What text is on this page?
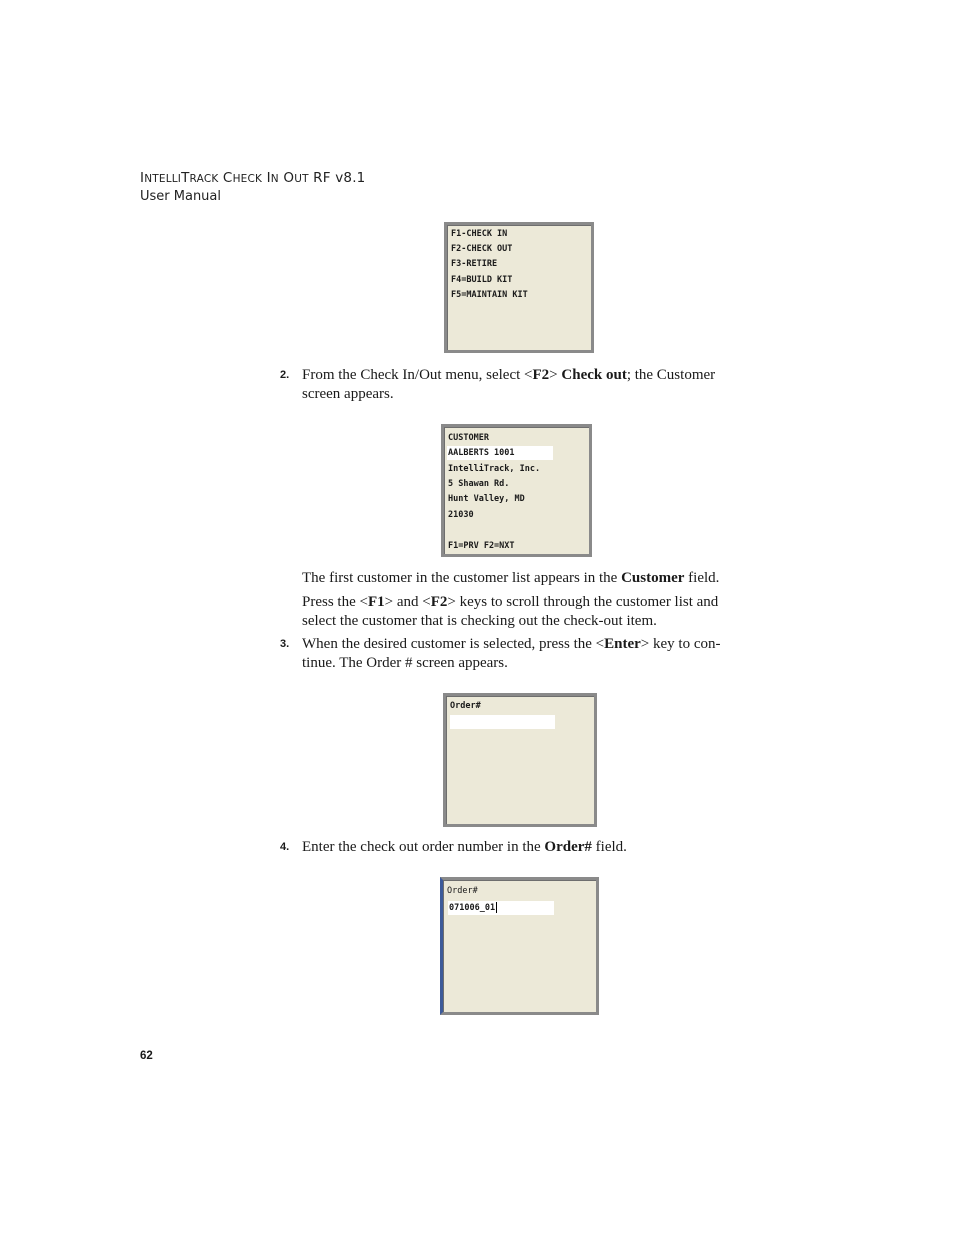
INTELLITRACK CHECK IN OUT RF v8.1
User Manual
F1-CHECK IN
F2-CHECK OUT
F3-RETIRE
F4=BUILD KIT
F5=MAINTAIN KIT
2. From the Check In/Out menu, select <F2> Check out; the Customer screen appears.
CUSTOMER
AALBERTS 1001
IntelliTrack, Inc.
5 Shawan Rd.
Hunt Valley, MD
21030
F1=PRV F2=NXT
The first customer in the customer list appears in the Customer field.
Press the <F1> and <F2> keys to scroll through the customer list and select the customer that is checking out the check-out item.
3. When the desired customer is selected, press the <Enter> key to con-tinue. The Order # screen appears.
Order#
4. Enter the check out order number in the Order# field.
Order#
071006_01
62
